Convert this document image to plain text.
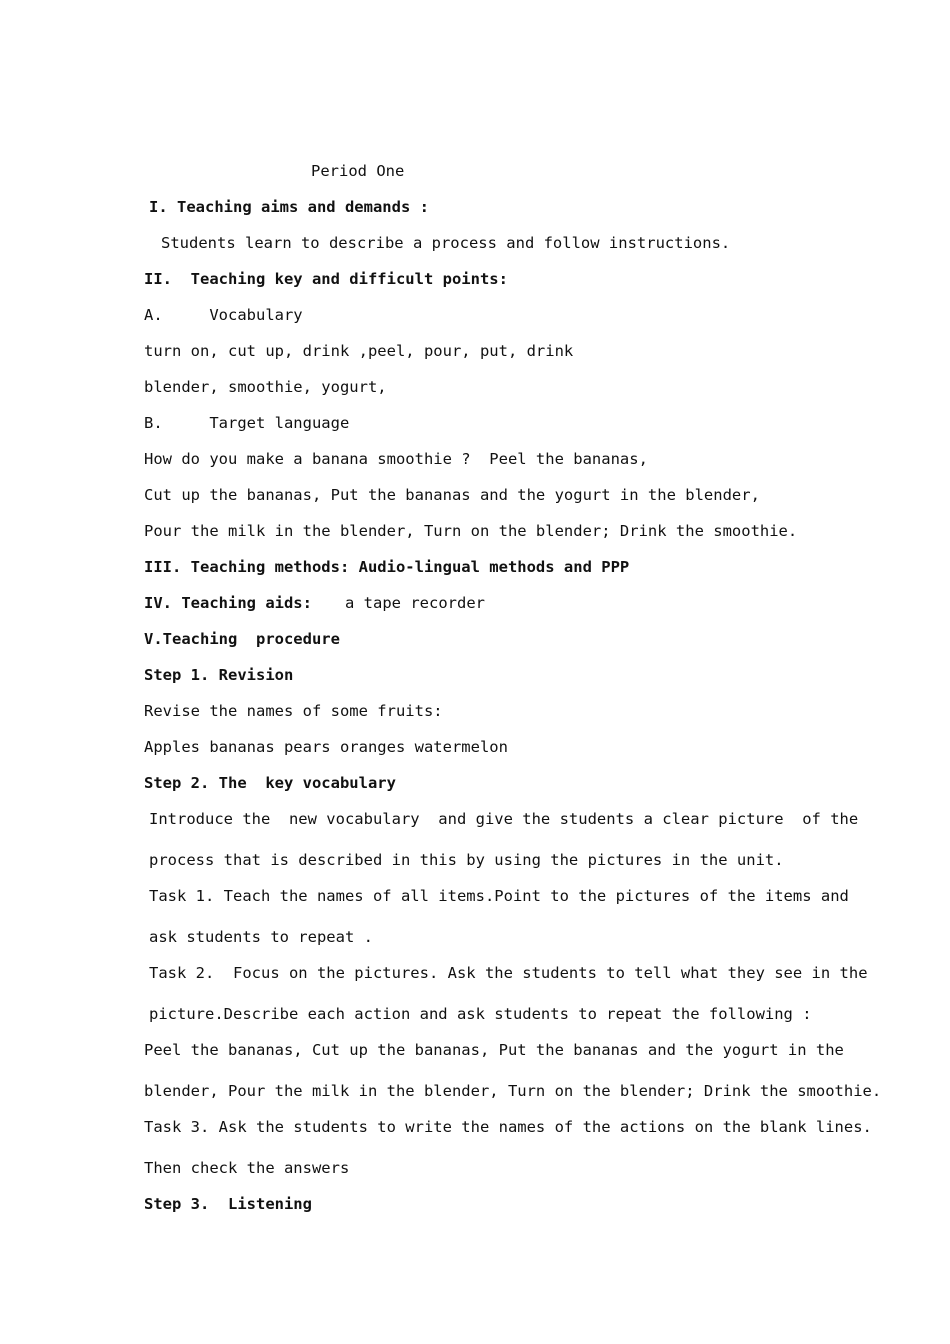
Period One
I. Teaching aims and demands :
Students learn to describe a process and follow instructions.
II.  Teaching key and difficult points:
A.     Vocabulary
turn on, cut up, drink ,peel, pour, put, drink
blender, smoothie, yogurt,
B.     Target language
How do you make a banana smoothie ?  Peel the bananas,
Cut up the bananas, Put the bananas and the yogurt in the blender,
Pour the milk in the blender, Turn on the blender; Drink the smoothie.
III. Teaching methods: Audio-lingual methods and PPP
IV. Teaching aids: a tape recorder
V.Teaching  procedure
Step 1. Revision
Revise the names of some fruits:
Apples bananas pears oranges watermelon
Step 2. The  key vocabulary
Introduce the  new vocabulary  and give the students a clear picture  of the
process that is described in this by using the pictures in the unit.
Task 1. Teach the names of all items.Point to the pictures of the items and
ask students to repeat .
Task 2.  Focus on the pictures. Ask the students to tell what they see in the
picture.Describe each action and ask students to repeat the following :
Peel the bananas, Cut up the bananas, Put the bananas and the yogurt in the
blender, Pour the milk in the blender, Turn on the blender; Drink the smoothie.
Task 3. Ask the students to write the names of the actions on the blank lines.
Then check the answers
Step 3.  Listening
